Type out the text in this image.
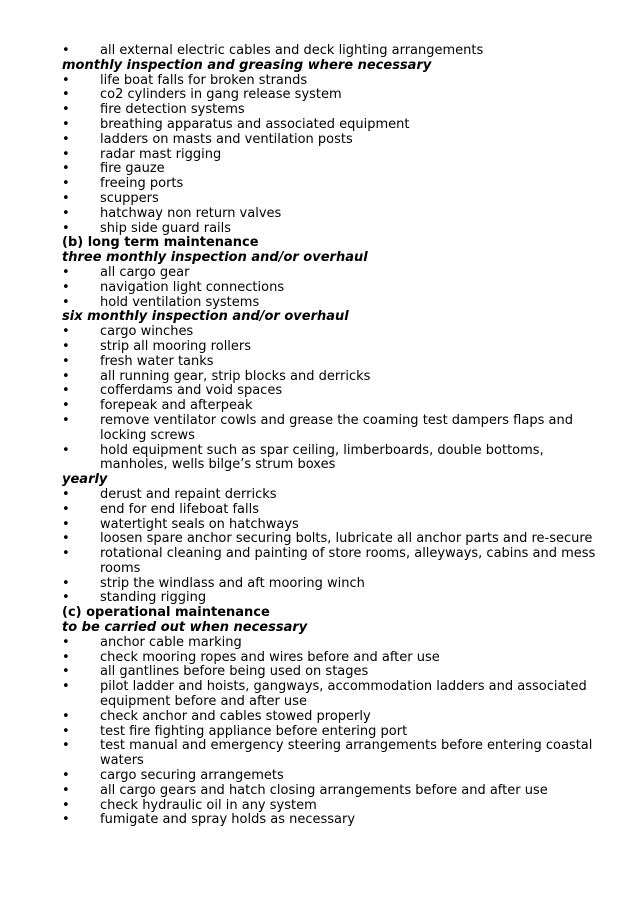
• all external electric cables and deck lighting arrangements
monthly inspection and greasing where necessary
• life boat falls for broken strands
• co2 cylinders in gang release system
• fire detection systems
• breathing apparatus and associated equipment
• ladders on masts and ventilation posts
• radar mast rigging
• fire gauze
• freeing ports
• scuppers
• hatchway non return valves
• ship side guard rails
(b) long term maintenance
three monthly inspection and/or overhaul
• all cargo gear
• navigation light connections
• hold ventilation systems
six monthly inspection and/or overhaul
• cargo winches
• strip all mooring rollers
• fresh water tanks
• all running gear, strip blocks and derricks
• cofferdams and void spaces
• forepeak and afterpeak
• remove ventilator cowls and grease the coaming test dampers flaps and locking screws
• hold equipment such as spar ceiling, limberboards, double bottoms, manholes, wells bilge’s strum boxes
yearly
• derust and repaint derricks
• end for end lifeboat falls
• watertight seals on hatchways
• loosen spare anchor securing bolts, lubricate all anchor parts and re-secure
• rotational cleaning and painting of store rooms, alleyways, cabins and mess rooms
• strip the windlass and aft mooring winch
• standing rigging
(c) operational maintenance
to be carried out when necessary
• anchor cable marking
• check mooring ropes and wires before and after use
• all gantlines before being used on stages
• pilot ladder and hoists, gangways, accommodation ladders and associated equipment before and after use
• check anchor and cables stowed properly
• test fire fighting appliance before entering port
• test manual and emergency steering arrangements before entering coastal waters
• cargo securing arrangemets
• all cargo gears and hatch closing arrangements before and after use
• check hydraulic oil in any system
• fumigate and spray holds as necessary
